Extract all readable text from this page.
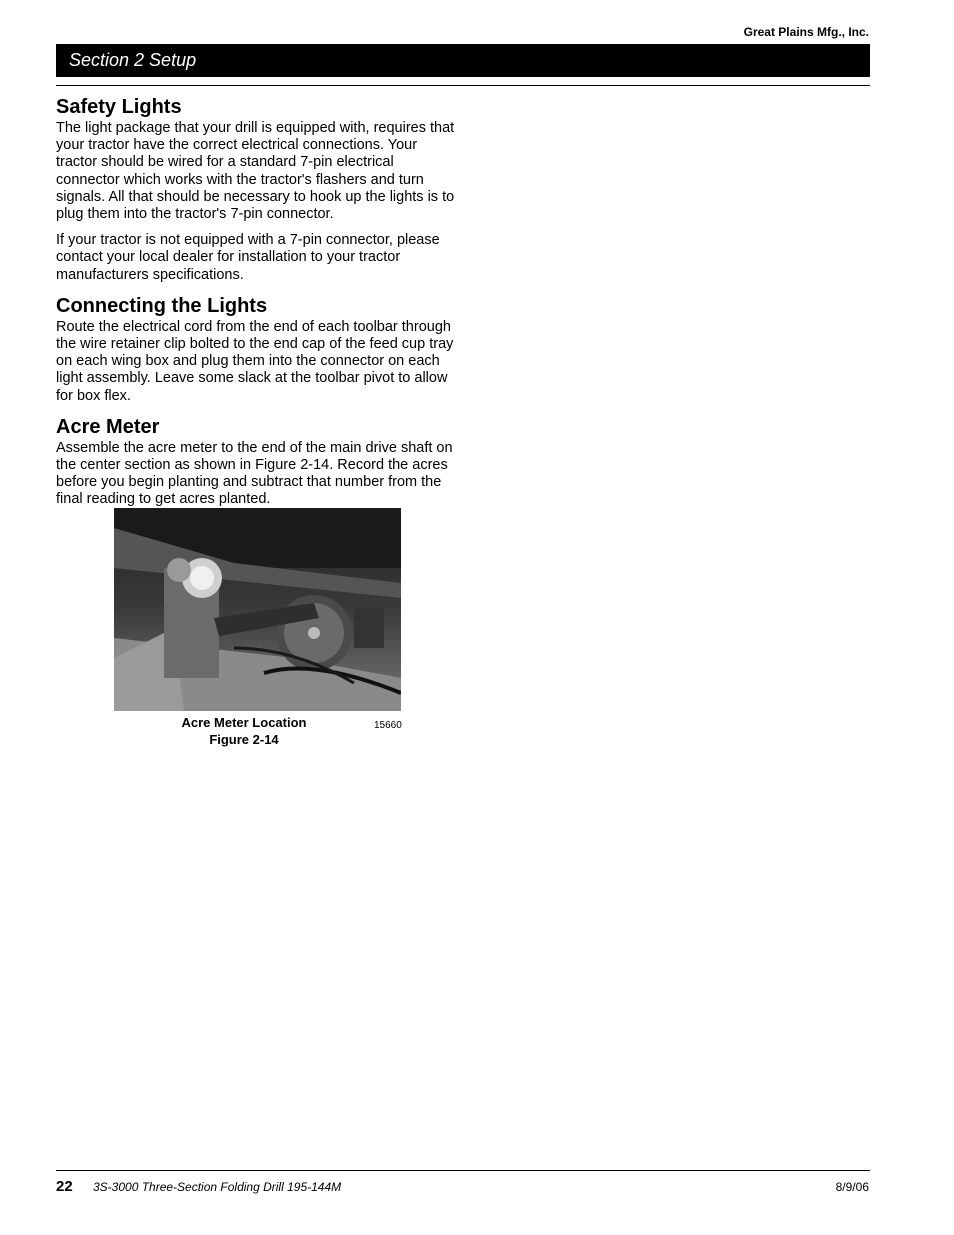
Great Plains Mfg., Inc.
Section 2 Setup
Safety Lights

The light package that your drill is equipped with, requires that your tractor have the correct electrical connections. Your tractor should be wired for a standard 7-pin electrical connector which works with the tractor's flashers and turn signals. All that should be necessary to hook up the lights is to plug them into the tractor's 7-pin connector.

If your tractor is not equipped with a 7-pin connector, please contact your local dealer for installation to your tractor manufacturers specifications.

Connecting the Lights

Route the electrical cord from the end of each toolbar through the wire retainer clip bolted to the end cap of the feed cup tray on each wing box and plug them into the connector on each light assembly. Leave some slack at the toolbar pivot to allow for box flex.

Acre Meter

Assemble the acre meter to the end of the main drive shaft on the center section as shown in Figure 2-14. Record the acres before you begin planting and subtract that number from the final reading to get acres planted.

Acre Meter Location
Figure 2-14
15660
22 3S-3000 Three-Section Folding Drill 195-144M	8/9/06
